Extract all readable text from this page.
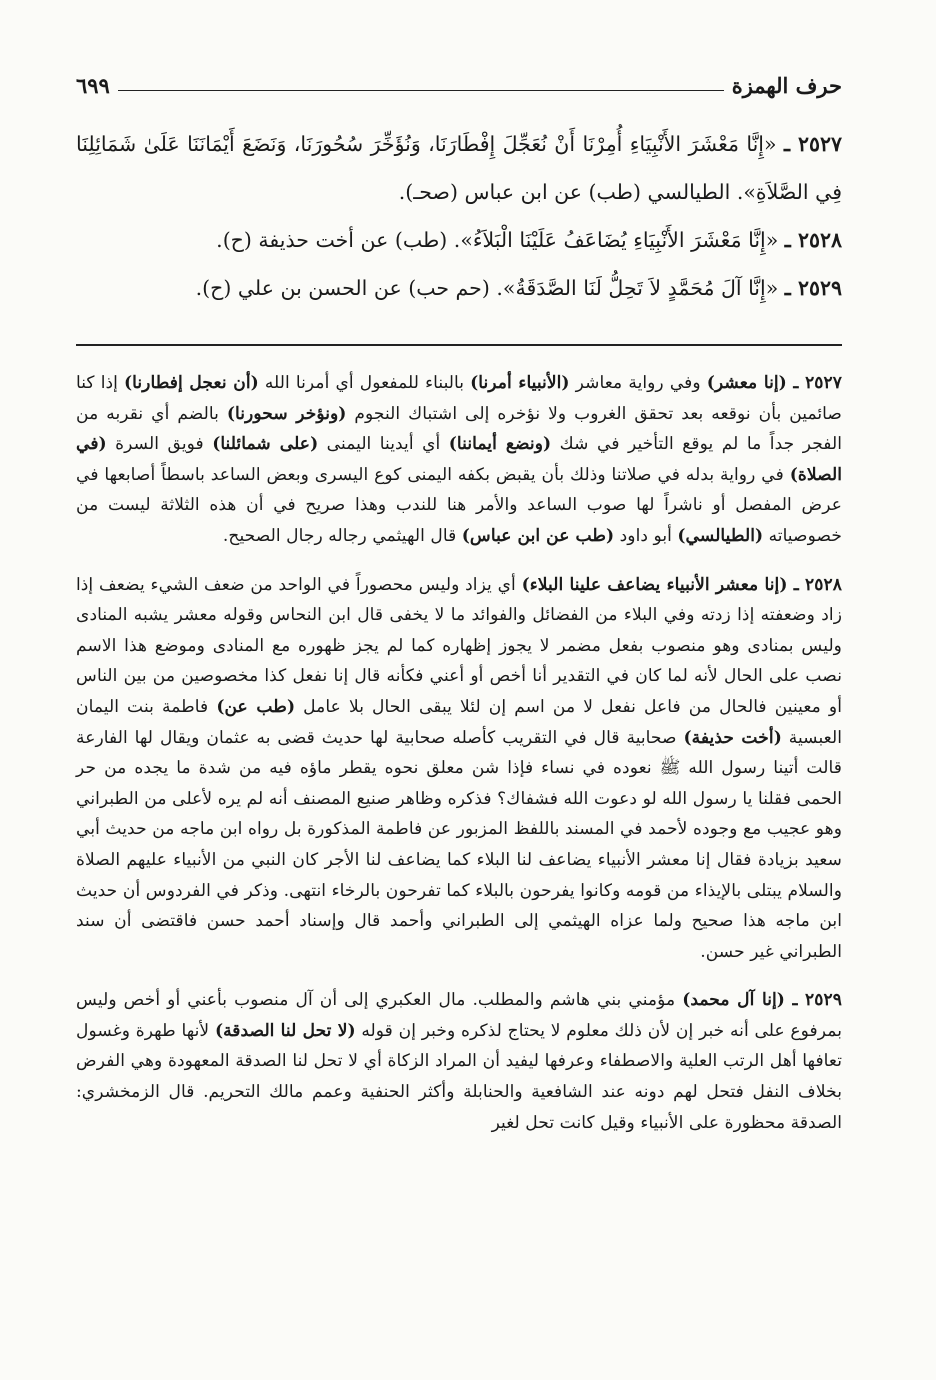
حرف الهمزة
٦٩٩

٢٥٢٧ ـ «إِنَّا مَعْشَرَ الأَنْبِيَاءِ أُمِرْنَا أَنْ نُعَجِّلَ إِفْطَارَنَا، وَنُؤَخِّرَ سُحُورَنَا، وَنَضَعَ أَيْمَانَنَا عَلَىٰ شَمَائِلِنَا فِي الصَّلاَةِ». الطيالسي (طب) عن ابن عباس (صحـ).

٢٥٢٨ ـ «إِنَّا مَعْشَرَ الأَنْبِيَاءِ يُضَاعَفُ عَلَيْنَا الْبَلاَءُ». (طب) عن أخت حذيفة (ح).

٢٥٢٩ ـ «إِنَّا آلَ مُحَمَّدٍ لاَ تَحِلُّ لَنَا الصَّدَقَةُ». (حم حب) عن الحسن بن علي (ح).

٢٥٢٧ ـ (إنا معشر) وفي رواية معاشر (الأنبياء أمرنا) بالبناء للمفعول أي أمرنا الله (أن نعجل إفطارنا) إذا كنا صائمين بأن نوقعه بعد تحقق الغروب ولا نؤخره إلى اشتباك النجوم (ونؤخر سحورنا) بالضم أي نقربه من الفجر جداً ما لم يوقع التأخير في شك (ونضع أيماننا) أي أيدينا اليمنى (على شمائلنا) فويق السرة (في الصلاة) في رواية بدله في صلاتنا وذلك بأن يقبض بكفه اليمنى كوع اليسرى وبعض الساعد باسطاً أصابعها في عرض المفصل أو ناشراً لها صوب الساعد والأمر هنا للندب وهذا صريح في أن هذه الثلاثة ليست من خصوصياته (الطيالسي) أبو داود (طب عن ابن عباس) قال الهيثمي رجاله رجال الصحيح.

٢٥٢٨ ـ (إنا معشر الأنبياء يضاعف علينا البلاء) أي يزاد وليس محصوراً في الواحد من ضعف الشيء يضعف إذا زاد وضعفته إذا زدته وفي البلاء من الفضائل والفوائد ما لا يخفى قال ابن النحاس وقوله معشر يشبه المنادى وليس بمنادى وهو منصوب بفعل مضمر لا يجوز إظهاره كما لم يجز ظهوره مع المنادى وموضع هذا الاسم نصب على الحال لأنه لما كان في التقدير أنا أخص أو أعني فكأنه قال إنا نفعل كذا مخصوصين من بين الناس أو معينين فالحال من فاعل نفعل لا من اسم إن لئلا يبقى الحال بلا عامل (طب عن) فاطمة بنت اليمان العبسية (أخت حذيفة) صحابية قال في التقريب كأصله صحابية لها حديث قضى به عثمان ويقال لها الفارعة قالت أتينا رسول الله ﷺ نعوده في نساء فإذا شن معلق نحوه يقطر ماؤه فيه من شدة ما يجده من حر الحمى فقلنا يا رسول الله لو دعوت الله فشفاك؟ فذكره وظاهر صنيع المصنف أنه لم يره لأعلى من الطبراني وهو عجيب مع وجوده لأحمد في المسند باللفظ المزبور عن فاطمة المذكورة بل رواه ابن ماجه من حديث أبي سعيد بزيادة فقال إنا معشر الأنبياء يضاعف لنا البلاء كما يضاعف لنا الأجر كان النبي من الأنبياء عليهم الصلاة والسلام يبتلى بالإيذاء من قومه وكانوا يفرحون بالبلاء كما تفرحون بالرخاء انتهى. وذكر في الفردوس أن حديث ابن ماجه هذا صحيح ولما عزاه الهيثمي إلى الطبراني وأحمد قال وإسناد أحمد حسن فاقتضى أن سند الطبراني غير حسن.

٢٥٢٩ ـ (إنا آل محمد) مؤمني بني هاشم والمطلب. مال العكبري إلى أن آل منصوب بأعني أو أخص وليس بمرفوع على أنه خبر إن لأن ذلك معلوم لا يحتاج لذكره وخبر إن قوله (لا تحل لنا الصدقة) لأنها طهرة وغسول تعافها أهل الرتب العلية والاصطفاء وعرفها ليفيد أن المراد الزكاة أي لا تحل لنا الصدقة المعهودة وهي الفرض بخلاف النفل فتحل لهم دونه عند الشافعية والحنابلة وأكثر الحنفية وعمم مالك التحريم. قال الزمخشري: الصدقة محظورة على الأنبياء وقيل كانت تحل لغير
